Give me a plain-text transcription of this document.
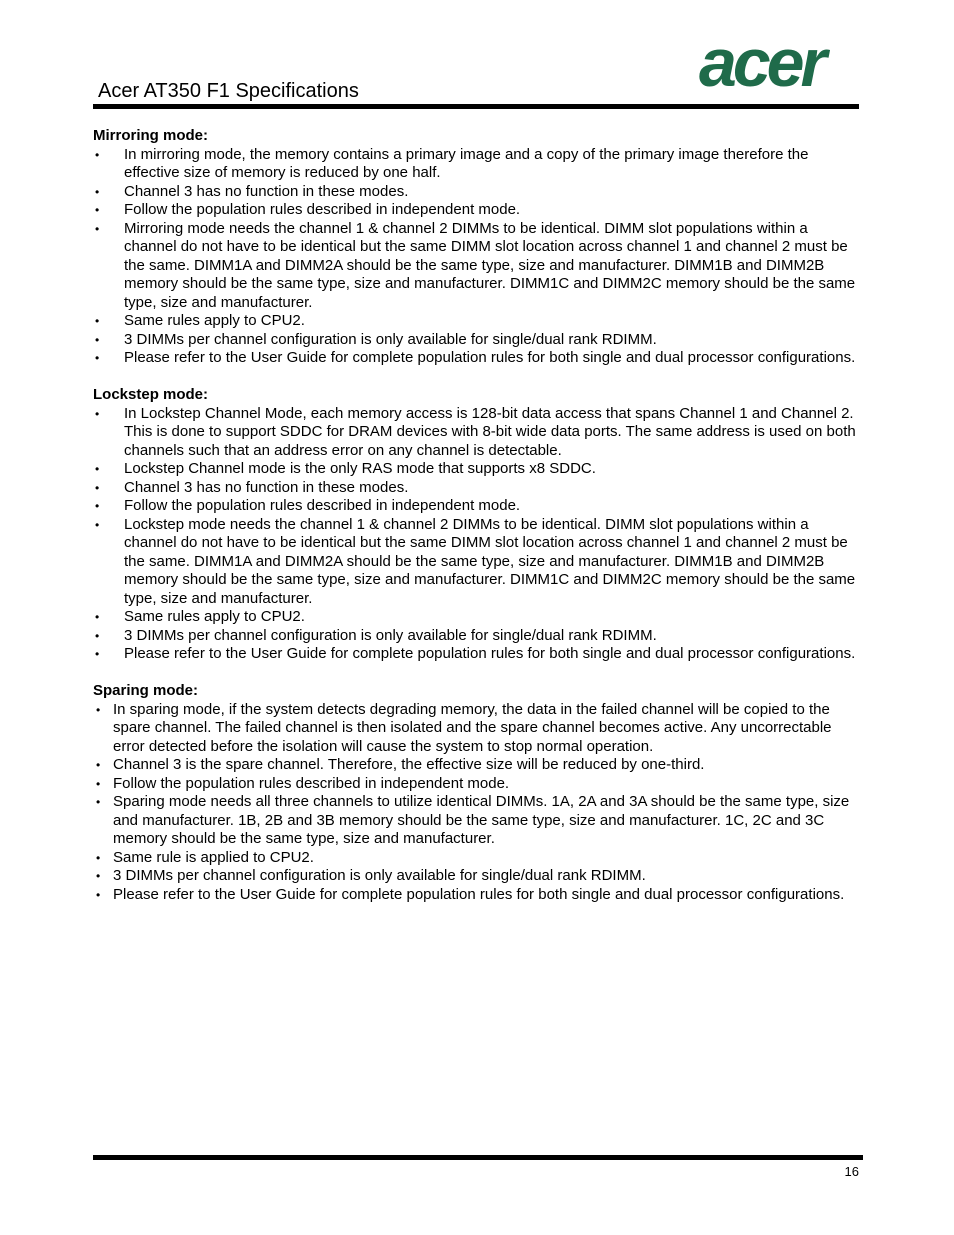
Acer AT350 F1 Specifications	acer

Mirroring mode:

• In mirroring mode, the memory contains a primary image and a copy of the primary image therefore the effective size of memory is reduced by one half.
• Channel 3 has no function in these modes.
• Follow the population rules described in independent mode.
• Mirroring mode needs the channel 1 & channel 2 DIMMs to be identical. DIMM slot populations within a channel do not have to be identical but the same DIMM slot location across channel 1 and channel 2 must be the same. DIMM1A and DIMM2A should be the same type, size and manufacturer. DIMM1B and DIMM2B memory should be the same type, size and manufacturer. DIMM1C and DIMM2C memory should be the same type, size and manufacturer.
• Same rules apply to CPU2.
• 3 DIMMs per channel configuration is only available for single/dual rank RDIMM.
• Please refer to the User Guide for complete population rules for both single and dual processor configurations.

Lockstep mode:

• In Lockstep Channel Mode, each memory access is 128-bit data access that spans Channel 1 and Channel 2. This is done to support SDDC for DRAM devices with 8-bit wide data ports. The same address is used on both channels such that an address error on any channel is detectable.
• Lockstep Channel mode is the only RAS mode that supports x8 SDDC.
• Channel 3 has no function in these modes.
• Follow the population rules described in independent mode.
• Lockstep mode needs the channel 1 & channel 2 DIMMs to be identical. DIMM slot populations within a channel do not have to be identical but the same DIMM slot location across channel 1 and channel 2 must be the same. DIMM1A and DIMM2A should be the same type, size and manufacturer. DIMM1B and DIMM2B memory should be the same type, size and manufacturer. DIMM1C and DIMM2C memory should be the same type, size and manufacturer.
• Same rules apply to CPU2.
• 3 DIMMs per channel configuration is only available for single/dual rank RDIMM.
• Please refer to the User Guide for complete population rules for both single and dual processor configurations.

Sparing mode:

• In sparing mode, if the system detects degrading memory, the data in the failed channel will be copied to the spare channel. The failed channel is then isolated and the spare channel becomes active. Any uncorrectable error detected before the isolation will cause the system to stop normal operation.
• Channel 3 is the spare channel. Therefore, the effective size will be reduced by one-third.
• Follow the population rules described in independent mode.
• Sparing mode needs all three channels to utilize identical DIMMs. 1A, 2A and 3A should be the same type, size and manufacturer. 1B, 2B and 3B memory should be the same type, size and manufacturer. 1C, 2C and 3C memory should be the same type, size and manufacturer.
• Same rule is applied to CPU2.
• 3 DIMMs per channel configuration is only available for single/dual rank RDIMM.
• Please refer to the User Guide for complete population rules for both single and dual processor configurations.
16
